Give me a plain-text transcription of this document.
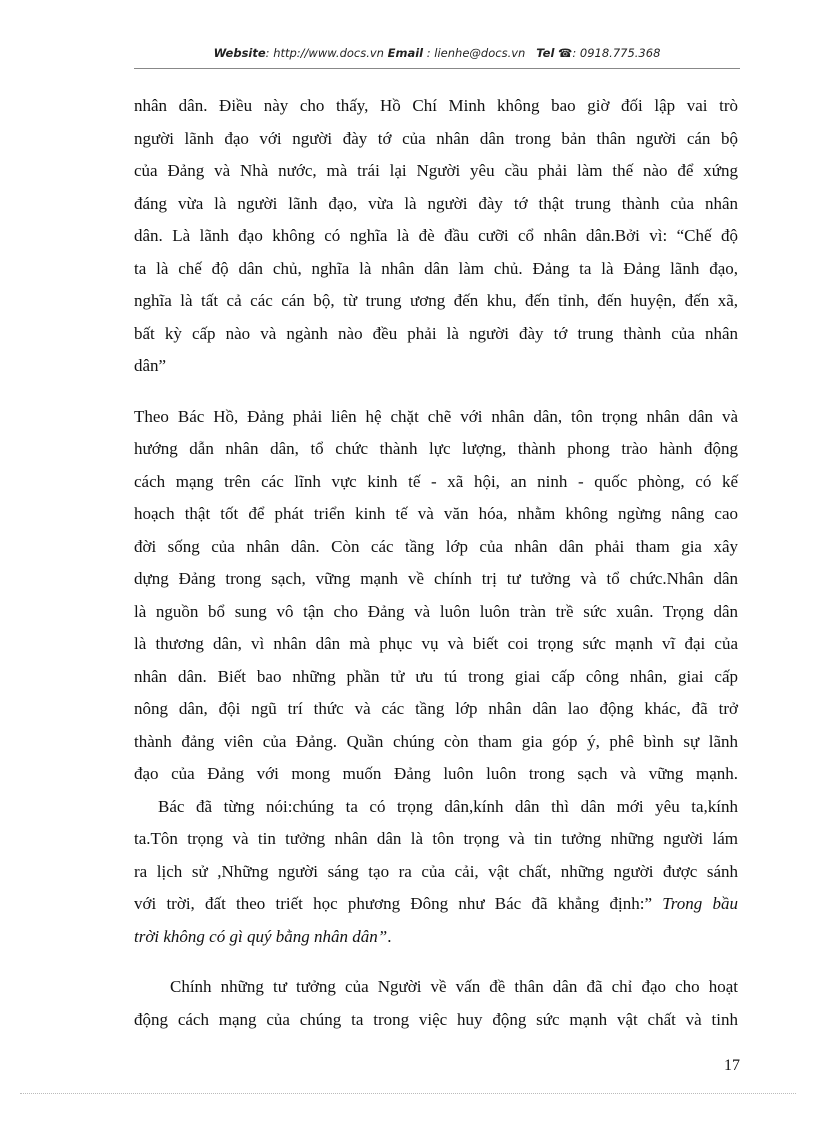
Website: http://www.docs.vn Email : lienhe@docs.vn Tel ☎: 0918.775.368
nhân dân. Điều này cho thấy, Hồ Chí Minh không bao giờ đối lập vai trò
người lãnh đạo với người đày tớ của nhân dân trong bản thân người cán bộ
của Đảng và Nhà nước, mà trái lại Người yêu cầu phải làm thế nào để xứng
đáng vừa là người lãnh đạo, vừa là người đày tớ thật trung thành của nhân
dân. Là lãnh đạo không có nghĩa là đè đầu cưỡi cổ nhân dân.Bởi vì: “Chế độ
ta là chế độ dân chủ, nghĩa là nhân dân làm chủ. Đảng ta là Đảng lãnh đạo,
nghĩa là tất cả các cán bộ, từ trung ương đến khu, đến tỉnh, đến huyện, đến xã,
bất kỳ cấp nào và ngành nào đều phải là người đày tớ trung thành của nhân
dân”
Theo Bác Hồ, Đảng phải liên hệ chặt chẽ với nhân dân, tôn trọng nhân dân và
hướng dẫn nhân dân, tổ chức thành lực lượng, thành phong trào hành động
cách mạng trên các lĩnh vực kinh tế - xã hội, an ninh - quốc phòng, có kế
hoạch thật tốt để phát triển kinh tế và văn hóa, nhằm không ngừng nâng cao
đời sống của nhân dân. Còn các tầng lớp của nhân dân phải tham gia xây
dựng Đảng trong sạch, vững mạnh về chính trị tư tưởng và tổ chức.Nhân dân
là nguồn bổ sung vô tận cho Đảng và luôn luôn tràn trề sức xuân. Trọng dân
là thương dân, vì nhân dân mà phục vụ và biết coi trọng sức mạnh vĩ đại của
nhân dân. Biết bao những phần tử ưu tú trong giai cấp công nhân, giai cấp
nông dân, đội ngũ trí thức và các tầng lớp nhân dân lao động khác, đã trở
thành đảng viên của Đảng. Quần chúng còn tham gia góp ý, phê bình sự lãnh
đạo của Đảng với mong muốn Đảng luôn luôn trong sạch và vững mạnh.
Bác đã từng nói:chúng ta có trọng dân,kính dân thì dân mới yêu ta,kính
ta.Tôn trọng và tin tưởng nhân dân là tôn trọng và tin tưởng những người lám
ra lịch sử ,Những người sáng tạo ra của cải, vật chất, những người được sánh
với trời, đất theo triết học phương Đông như Bác đã khẳng định:” Trong bầu
trời không có gì quý bằng nhân dân”.
Chính những tư tưởng của Người về vấn đề thân dân đã chỉ đạo cho hoạt
động cách mạng của chúng ta trong việc huy động sức mạnh vật chất và tinh
17
